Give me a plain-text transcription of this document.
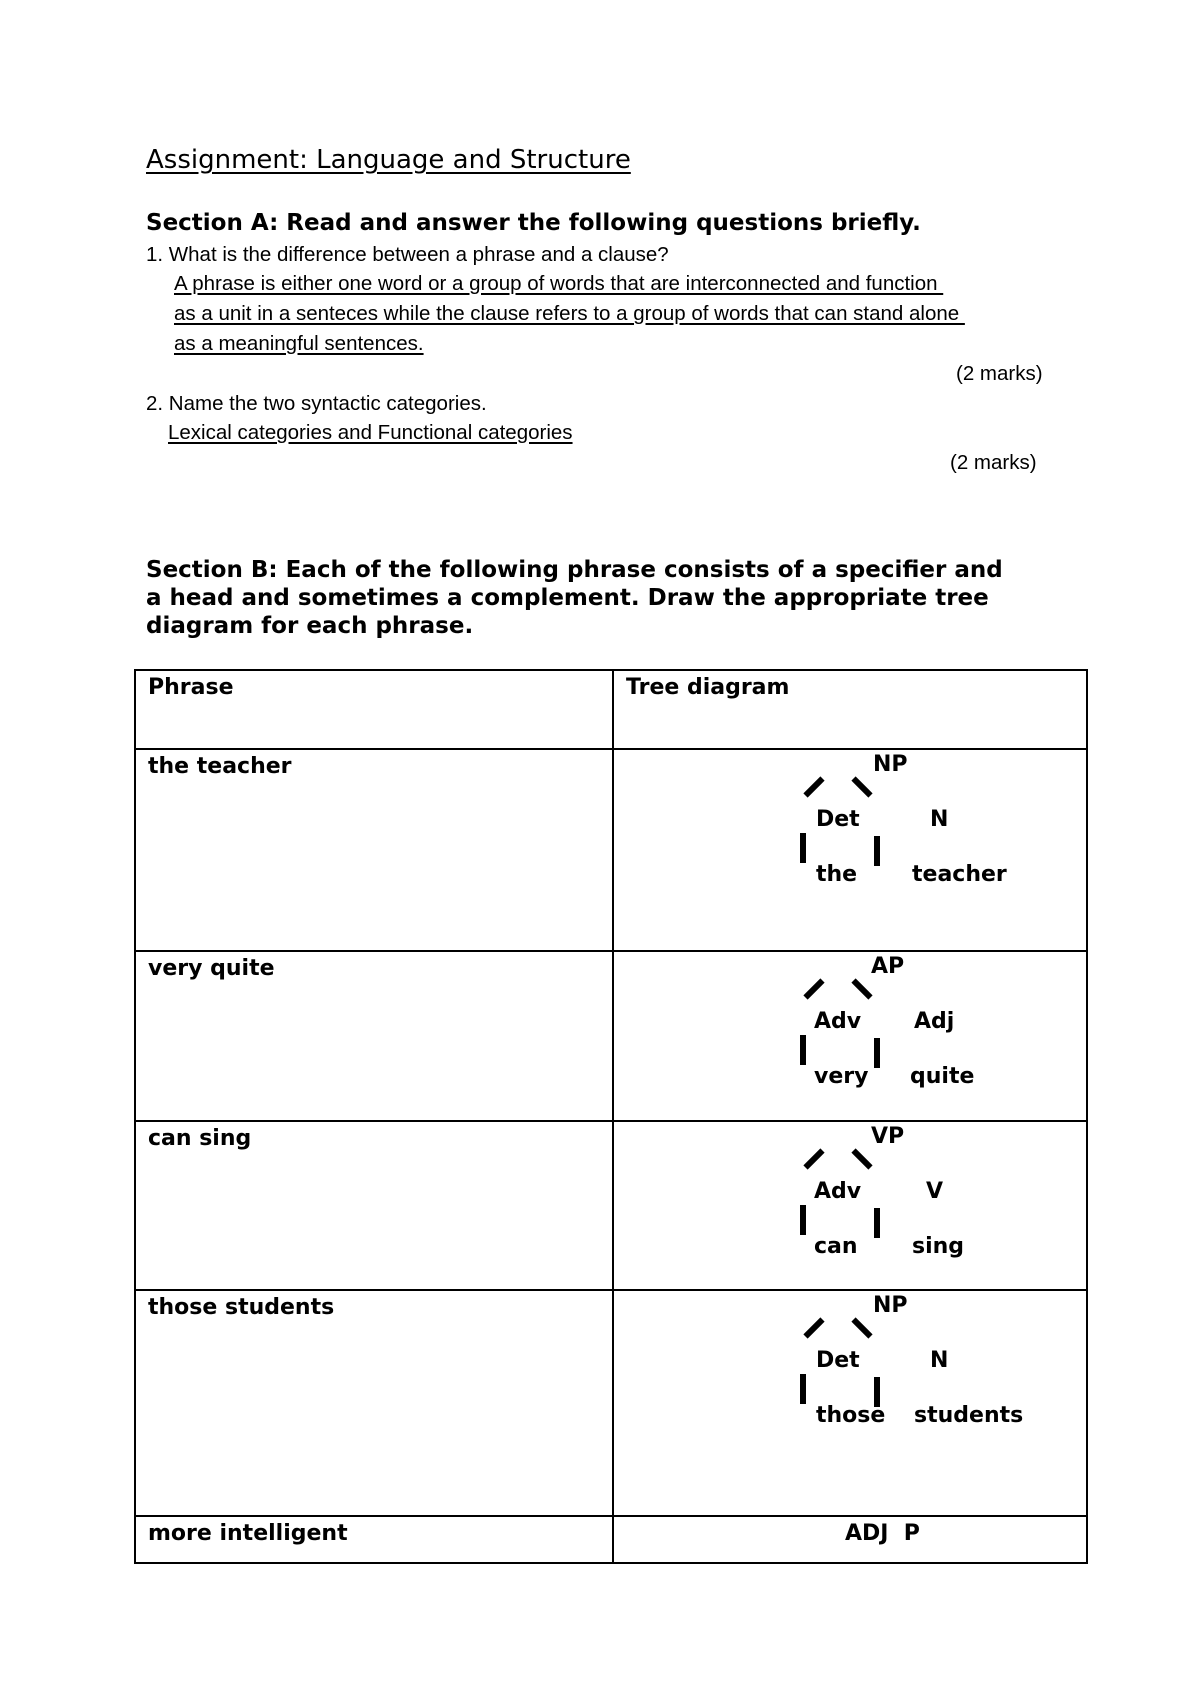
Assignment: Language and Structure
Section A: Read and answer the following questions briefly.
1. What is the difference between a phrase and a clause?
A phrase is either one word or a group of words that are interconnected and function
as a unit in a senteces while the clause refers to a group of words that can stand alone
as a meaningful sentences.
(2 marks)
2. Name the two syntactic categories.
Lexical categories and Functional categories
(2 marks)
Section B: Each of the following phrase consists of a specifier and
a head and sometimes a complement. Draw the appropriate tree
diagram for each phrase.
Phrase	Tree diagram

the teacher	NP
Det N
the teacher

very quite	AP
Adv Adj
very quite

can sing	VP
Adv V
can sing

those students	NP
Det N
those students

more intelligent	ADJ  P
